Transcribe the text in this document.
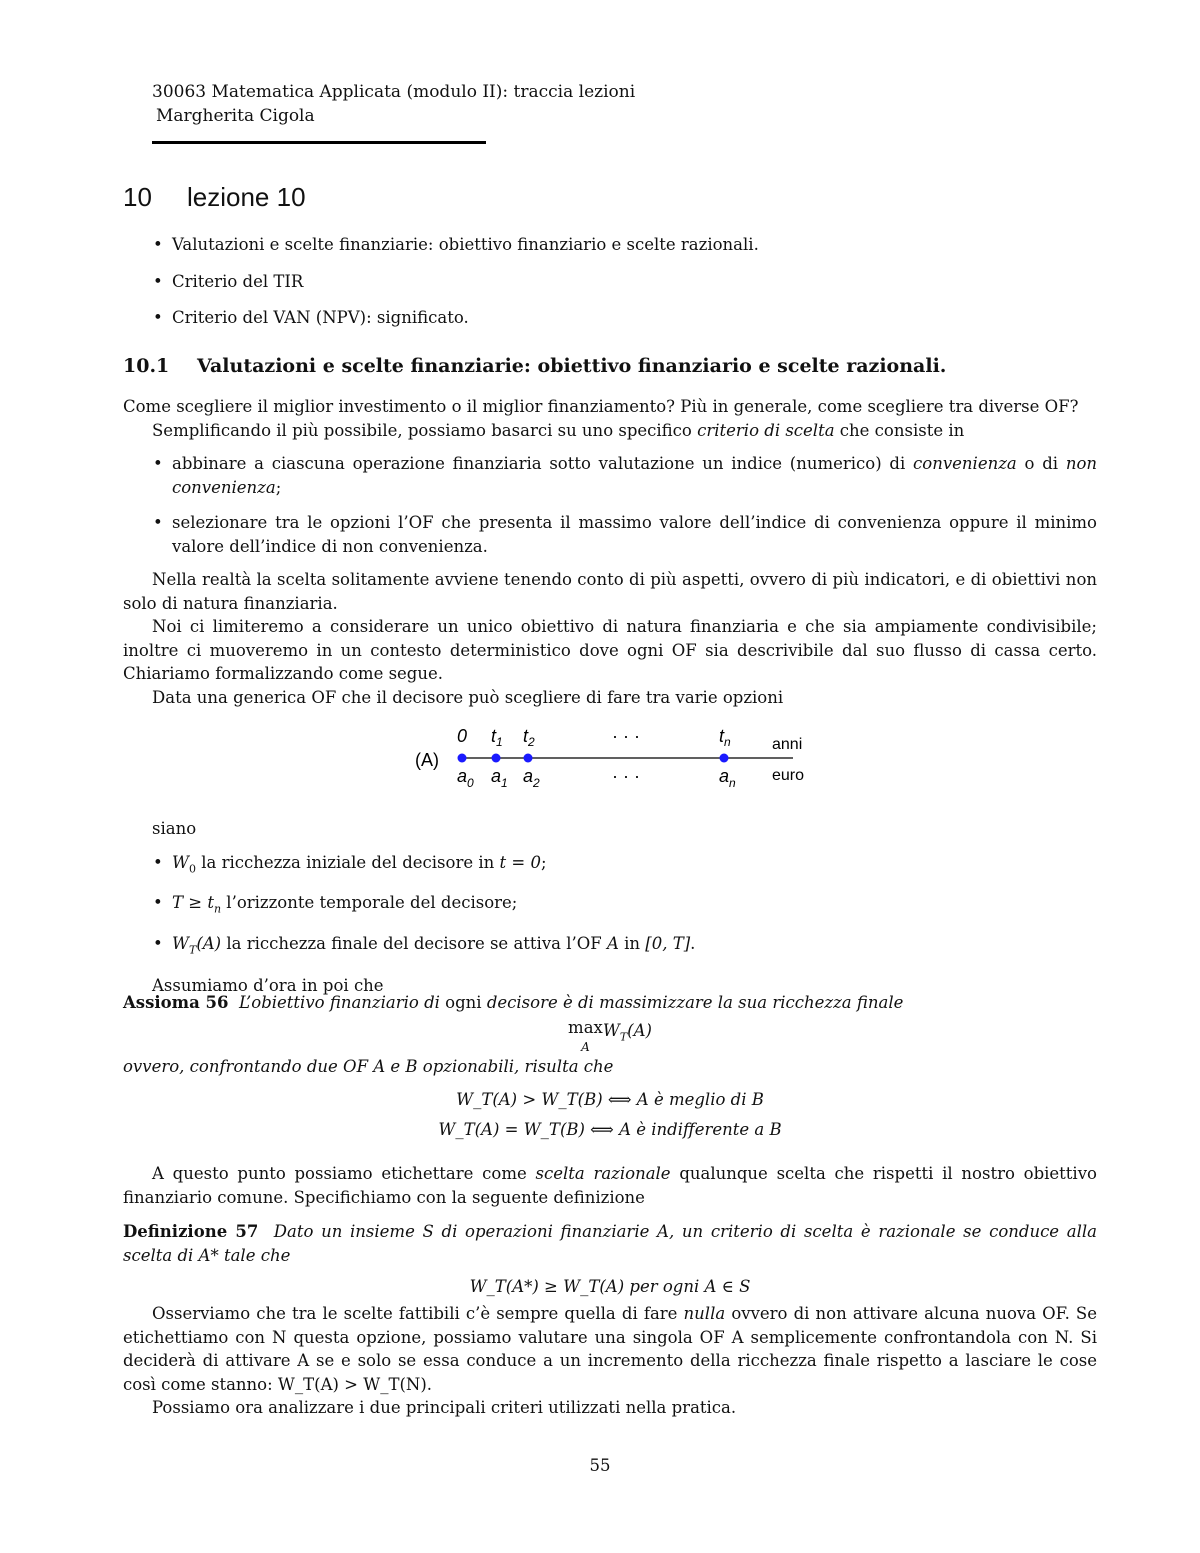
30063 Matematica Applicata (modulo II): traccia lezioni
Margherita Cigola
10 lezione 10
• Valutazioni e scelte finanziarie: obiettivo finanziario e scelte razionali.
• Criterio del TIR
• Criterio del VAN (NPV): significato.
10.1 Valutazioni e scelte finanziarie: obiettivo finanziario e scelte razionali.

Come scegliere il miglior investimento o il miglior finanziamento? Più in generale, come scegliere tra diverse OF?

Semplificando il più possibile, possiamo basarci su uno specifico criterio di scelta che consiste in

• abbinare a ciascuna operazione finanziaria sotto valutazione un indice (numerico) di convenienza o di non convenienza;

• selezionare tra le opzioni l’OF che presenta il massimo valore dell’indice di convenienza oppure il minimo valore dell’indice di non convenienza.

Nella realtà la scelta solitamente avviene tenendo conto di più aspetti, ovvero di più indicatori, e di obiettivi non solo di natura finanziaria.

Noi ci limiteremo a considerare un unico obiettivo di natura finanziaria e che sia ampiamente condivisibile; inoltre ci muoveremo in un contesto deterministico dove ogni OF sia descrivibile dal suo flusso di cassa certo. Chiariamo formalizzando come segue.

Data una generica OF che il decisore può scegliere di fare tra varie opzioni

(A)
0
$a_0$
$t_1$
$a_1$
$t_2$
$a_2$
· · ·
· · ·
$t_n$
$a_n$
anni
euro

siano

• $W_0$ la ricchezza iniziale del decisore in t = 0;
• $T \ge t_n$ l’orizzonte temporale del decisore;
• $W_T(A)$ la ricchezza finale del decisore se attiva l’OF A in [0, T].

Assumiamo d’ora in poi che

Assioma 56 L’obiettivo finanziario di ogni decisore è di massimizzare la sua ricchezza finale

max
$AW_T(A)$

ovvero, confrontando due OF A e B opzionabili, risulta che

W_T(A) > W_T(B) ⟺ A è meglio di B

W_T(A) = W_T(B) ⟺ A è indifferente a B

A questo punto possiamo etichettare come scelta razionale qualunque scelta che rispetti il nostro obiettivo finanziario comune. Specifichiamo con la seguente definizione

Definizione 57 Dato un insieme S di operazioni finanziarie A, un criterio di scelta è razionale se conduce alla scelta di A* tale che

W_T(A*) ≥ W_T(A) per ogni A ∈ S

Osserviamo che tra le scelte fattibili c’è sempre quella di fare nulla ovvero di non attivare alcuna nuova OF. Se etichettiamo con N questa opzione, possiamo valutare una singola OF A semplicemente confrontandola con N. Si deciderà di attivare A se e solo se essa conduce a un incremento della ricchezza finale rispetto a lasciare le cose così come stanno: W_T(A) > W_T(N).

Possiamo ora analizzare i due principali criteri utilizzati nella pratica.

55
